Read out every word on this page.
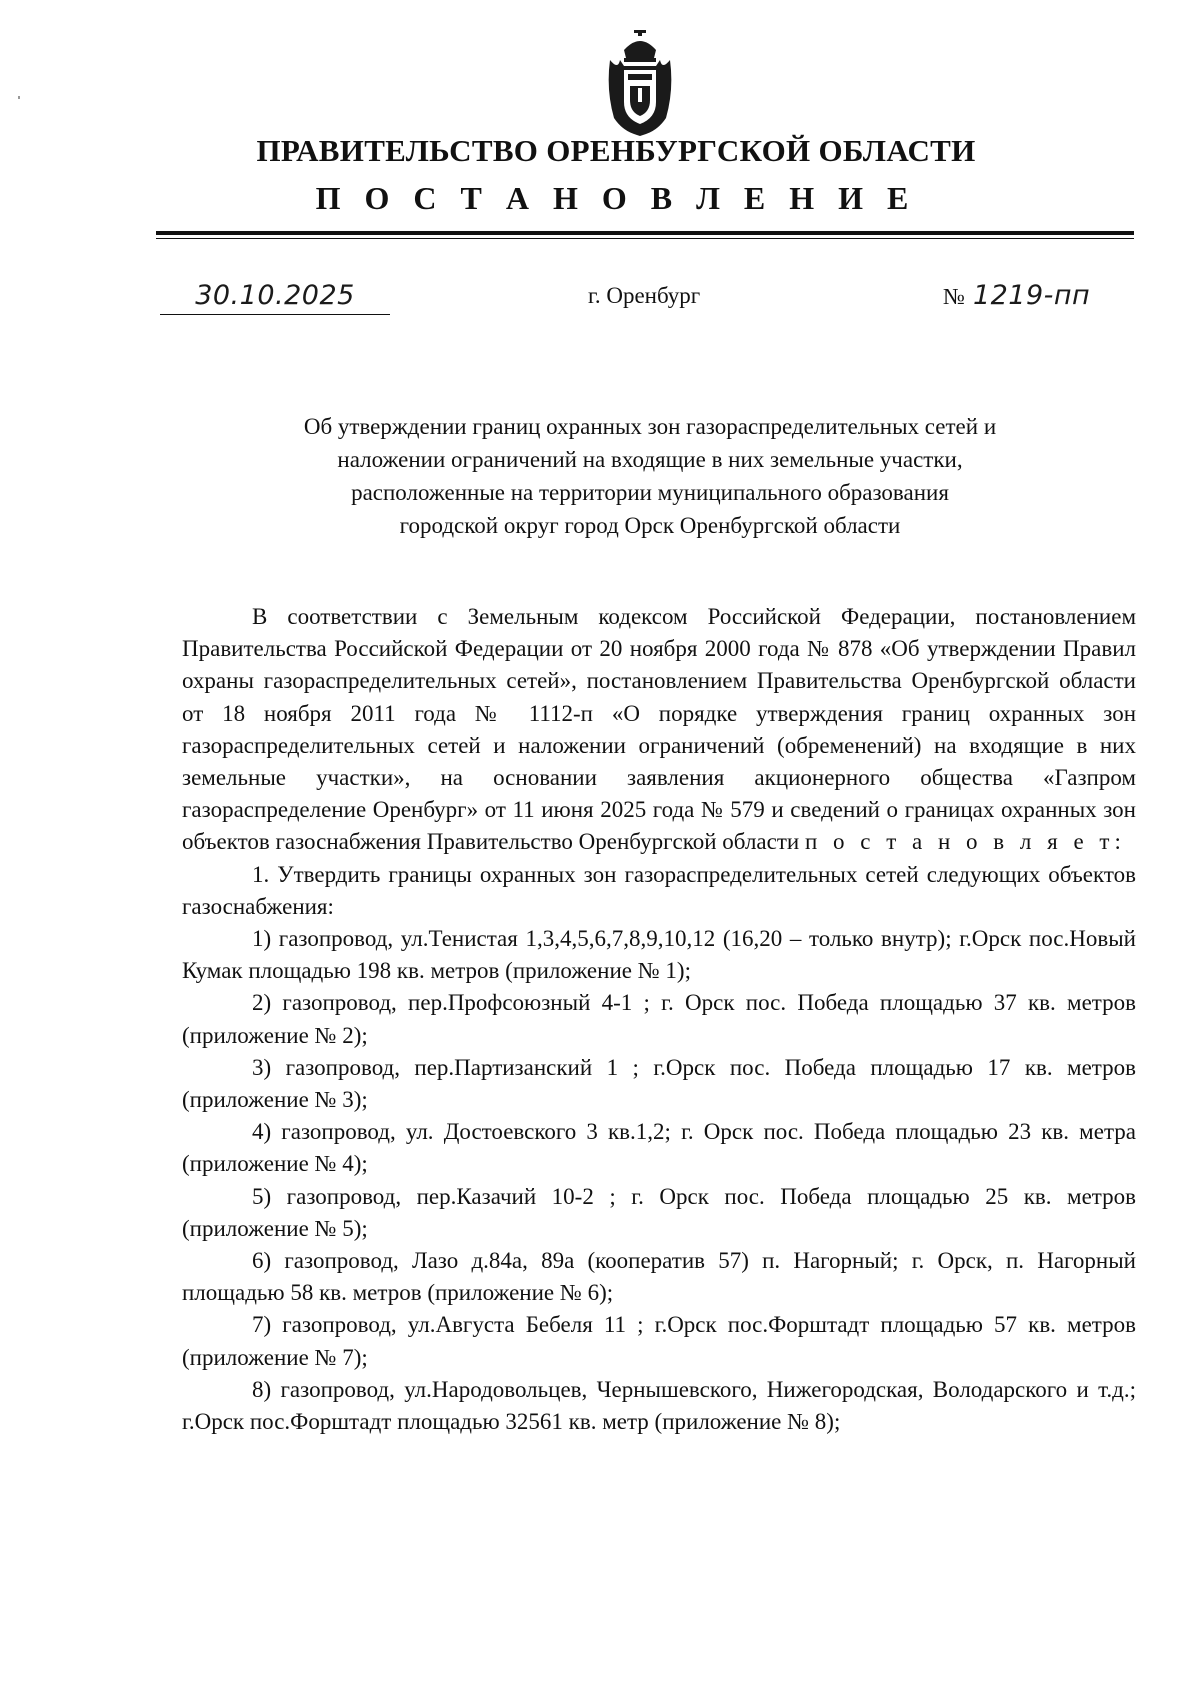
ПРАВИТЕЛЬСТВО ОРЕНБУРГСКОЙ ОБЛАСТИ
П О С Т А Н О В Л Е Н И Е
30.10.2025	г. Оренбург	№ 1219-пп
Об утверждении границ охранных зон газораспределительных сетей и
наложении ограничений на входящие в них земельные участки,
расположенные на территории муниципального образования
городской округ город Орск Оренбургской области

В соответствии с Земельным кодексом Российской Федерации, постановлением Правительства Российской Федерации от 20 ноября 2000 года № 878 «Об утверждении Правил охраны газораспределительных сетей», постановлением Правительства Оренбургской области от 18 ноября 2011 года № 1112-п «О порядке утверждения границ охранных зон газораспределительных сетей и наложении ограничений (обременений) на входящие в них земельные участки», на основании заявления акционерного общества «Газпром газораспределение Оренбург» от 11 июня 2025 года № 579 и сведений о границах охранных зон объектов газоснабжения Правительство Оренбургской области п о с т а н о в л я е т:

1. Утвердить границы охранных зон газораспределительных сетей следующих объектов газоснабжения:

1) газопровод, ул.Тенистая 1,3,4,5,6,7,8,9,10,12 (16,20 – только внутр); г.Орск пос.Новый Кумак площадью 198 кв. метров (приложение № 1);

2) газопровод, пер.Профсоюзный 4-1 ; г. Орск пос. Победа площадью 37 кв. метров (приложение № 2);

3) газопровод, пер.Партизанский 1 ; г.Орск пос. Победа площадью 17 кв. метров (приложение № 3);

4) газопровод, ул. Достоевского 3 кв.1,2; г. Орск пос. Победа площадью 23 кв. метра (приложение № 4);

5) газопровод, пер.Казачий 10-2 ; г. Орск пос. Победа площадью 25 кв. метров (приложение № 5);

6) газопровод, Лазо д.84а, 89а (кооператив 57) п. Нагорный; г. Орск, п. Нагорный площадью 58 кв. метров (приложение № 6);

7) газопровод, ул.Августа Бебеля 11 ; г.Орск пос.Форштадт площадью 57 кв. метров (приложение № 7);

8) газопровод, ул.Народовольцев, Чернышевского, Нижегородская, Володарского и т.д.; г.Орск пос.Форштадт площадью 32561 кв. метр (приложение № 8);
